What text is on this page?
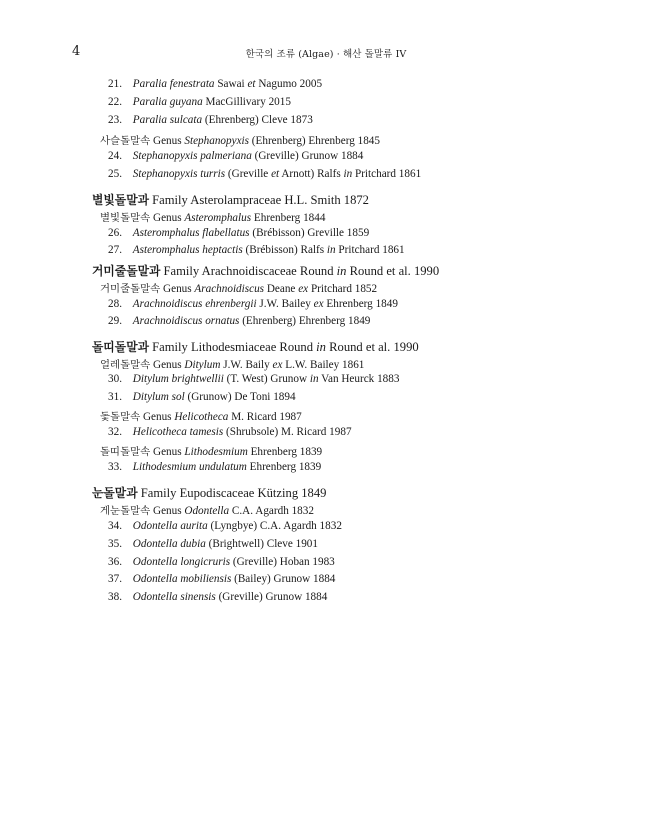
4	한국의 조류 (Algae) · 해산 돌말류 IV
21. Paralia fenestrata Sawai et Nagumo 2005
22. Paralia guyana MacGillivary 2015
23. Paralia sulcata (Ehrenberg) Cleve 1873
사슬돌말속 Genus Stephanopyxis (Ehrenberg) Ehrenberg 1845
24. Stephanopyxis palmeriana (Greville) Grunow 1884
25. Stephanopyxis turris (Greville et Arnott) Ralfs in Pritchard 1861
별빛돌말과 Family Asterolampraceae H.L. Smith 1872
별빛돌말속 Genus Asteromphalus Ehrenberg 1844
26. Asteromphalus flabellatus (Brébisson) Greville 1859
27. Asteromphalus heptactis (Brébisson) Ralfs in Pritchard 1861
거미줄돌말과 Family Arachnoidiscaceae Round in Round et al. 1990
거미줄돌말속 Genus Arachnoidiscus Deane ex Pritchard 1852
28. Arachnoidiscus ehrenbergii J.W. Bailey ex Ehrenberg 1849
29. Arachnoidiscus ornatus (Ehrenberg) Ehrenberg 1849
돌띠돌말과 Family Lithodesmiaceae Round in Round et al. 1990
얼레돌말속 Genus Ditylum J.W. Baily ex L.W. Bailey 1861
30. Ditylum brightwellii (T. West) Grunow in Van Heurck 1883
31. Ditylum sol (Grunow) De Toni 1894
돛돌말속 Genus Helicotheca M. Ricard 1987
32. Helicotheca tamesis (Shrubsole) M. Ricard 1987
돌띠돌말속 Genus Lithodesmium Ehrenberg 1839
33. Lithodesmium undulatum Ehrenberg 1839
눈돌말과 Family Eupodiscaceae Kützing 1849
게눈돌말속 Genus Odontella C.A. Agardh 1832
34. Odontella aurita (Lyngbye) C.A. Agardh 1832
35. Odontella dubia (Brightwell) Cleve 1901
36. Odontella longicruris (Greville) Hoban 1983
37. Odontella mobiliensis (Bailey) Grunow 1884
38. Odontella sinensis (Greville) Grunow 1884
